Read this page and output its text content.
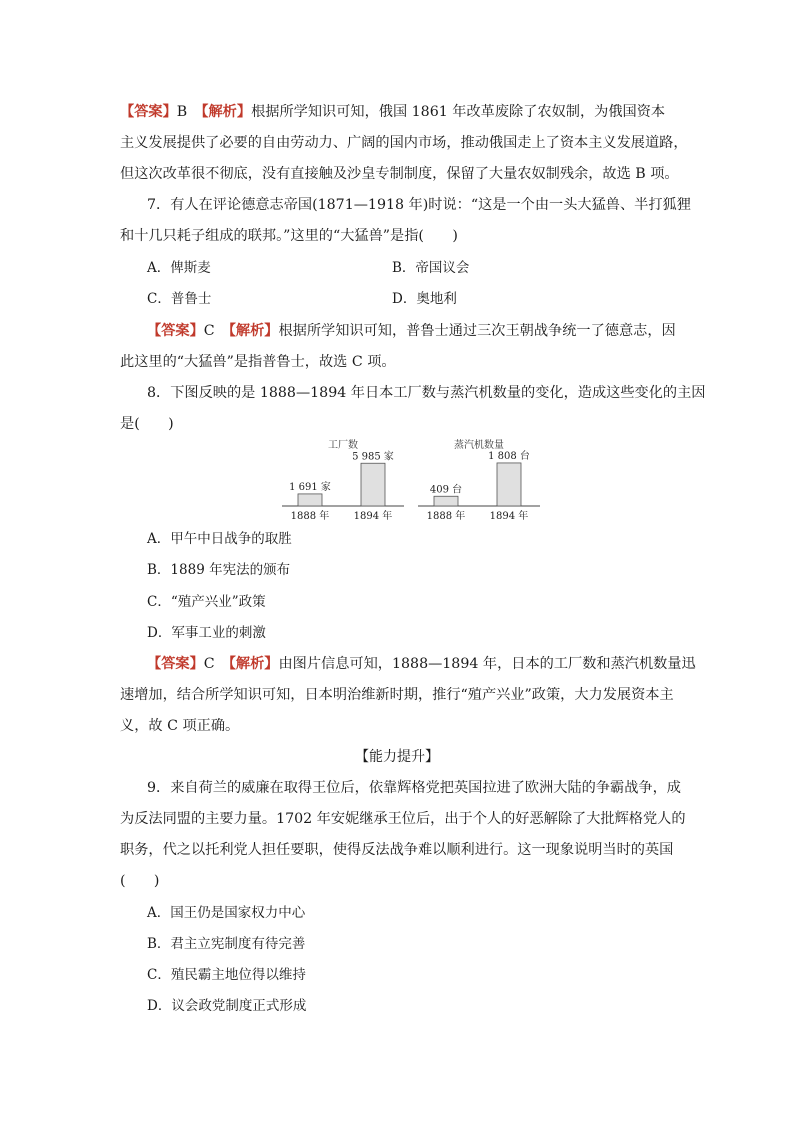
【答案】B　 【解析】根据所学知识可知，俄国 1861 年改革废除了农奴制，为俄国资本
主义发展提供了必要的自由劳动力、广阔的国内市场，推动俄国走上了资本主义发展道路，
但这次改革很不彻底，没有直接触及沙皇专制制度，保留了大量农奴制残余，故选 B 项。
7．有人在评论德意志帝国(1871—1918 年)时说：“这是一个由一头大猛兽、半打狐狸
和十几只耗子组成的联邦。”这里的“大猛兽”是指(　　)
A．俾斯麦	B．帝国议会
C．普鲁士	D．奥地利
【答案】C　 【解析】根据所学知识可知，普鲁士通过三次王朝战争统一了德意志，因
此这里的“大猛兽”是指普鲁士，故选 C 项。
8．下图反映的是 1888—1894 年日本工厂数与蒸汽机数量的变化，造成这些变化的主因
是(　　)
工厂数
1 691 家
1888 年
5 985 家
1894 年
蒸汽机数量
409 台
1888 年
1 808 台
1894 年
A．甲午中日战争的取胜
B．1889 年宪法的颁布
C．“殖产兴业”政策
D．军事工业的刺激
【答案】C　 【解析】由图片信息可知，1888—1894 年，日本的工厂数和蒸汽机数量迅
速增加，结合所学知识可知，日本明治维新时期，推行“殖产兴业”政策，大力发展资本主
义，故 C 项正确。
【能力提升】
9．来自荷兰的威廉在取得王位后，依靠辉格党把英国拉进了欧洲大陆的争霸战争，成
为反法同盟的主要力量。1702 年安妮继承王位后，出于个人的好恶解除了大批辉格党人的
职务，代之以托利党人担任要职，使得反法战争难以顺利进行。这一现象说明当时的英国
(　　)
A．国王仍是国家权力中心
B．君主立宪制度有待完善
C．殖民霸主地位得以维持
D．议会政党制度正式形成
